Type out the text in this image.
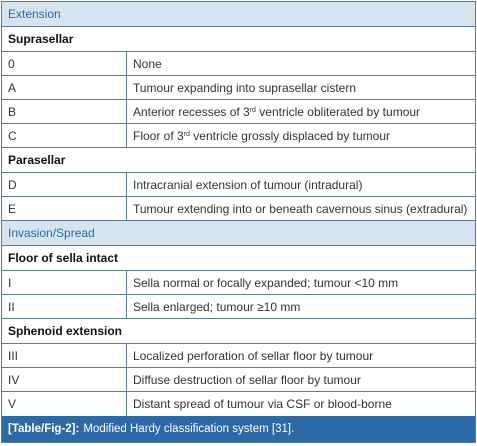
Extension
Suprasellar
0	None
A	Tumour expanding into suprasellar cistern
B	Anterior recesses of 3rd ventricle obliterated by tumour
C	Floor of 3rd ventricle grossly displaced by tumour
Parasellar
D	Intracranial extension of tumour (intradural)
E	Tumour extending into or beneath cavernous sinus (extradural)
Invasion/Spread
Floor of sella intact
I	Sella normal or focally expanded; tumour <10 mm
II	Sella enlarged; tumour ≥10 mm
Sphenoid extension
III	Localized perforation of sellar floor by tumour
IV	Diffuse destruction of sellar floor by tumour
V	Distant spread of tumour via CSF or blood-borne
[Table/Fig-2]: Modified Hardy classification system [31].
